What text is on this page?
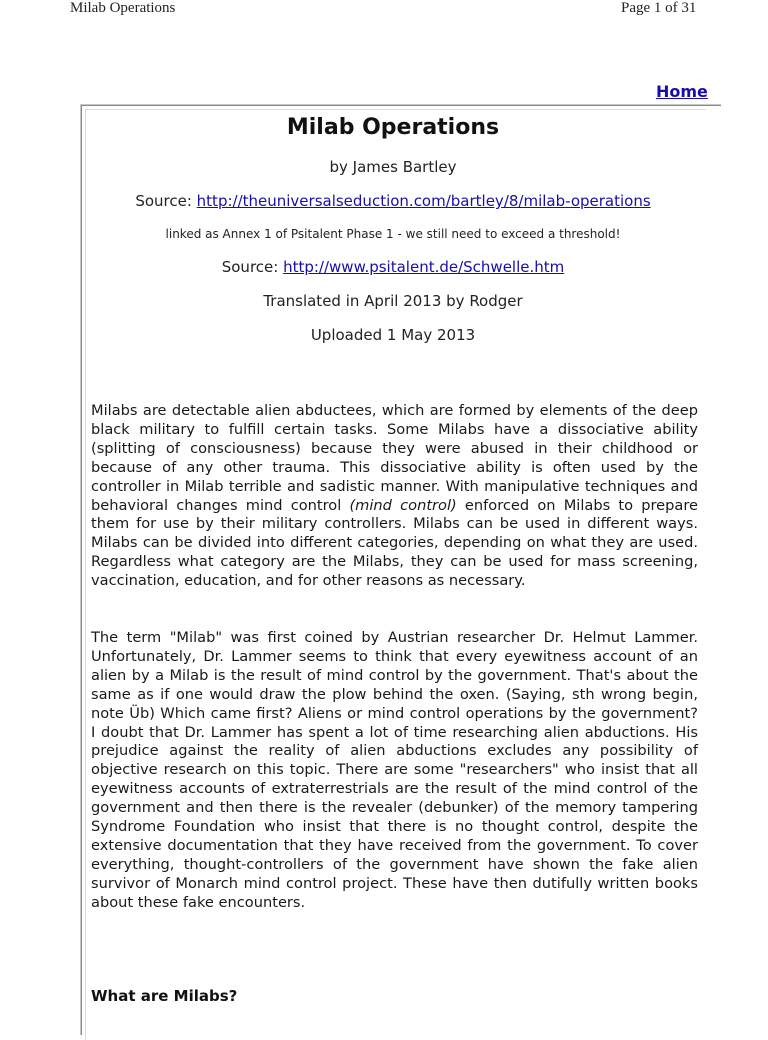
Milab Operations	Page 1 of 31
Home
Milab Operations
by James Bartley
Source: http://theuniversalseduction.com/bartley/8/milab-operations
linked as Annex 1 of Psitalent Phase 1 - we still need to exceed a threshold!
Source: http://www.psitalent.de/Schwelle.htm
Translated in April 2013 by Rodger
Uploaded 1 May 2013

Milabs are detectable alien abductees, which are formed by elements of the deep black military to fulfill certain tasks. Some Milabs have a dissociative ability (splitting of consciousness) because they were abused in their childhood or because of any other trauma. This dissociative ability is often used by the controller in Milab terrible and sadistic manner. With manipulative techniques and behavioral changes mind control (mind control) enforced on Milabs to prepare them for use by their military controllers. Milabs can be used in different ways. Milabs can be divided into different categories, depending on what they are used. Regardless what category are the Milabs, they can be used for mass screening, vaccination, education, and for other reasons as necessary.

The term "Milab" was first coined by Austrian researcher Dr. Helmut Lammer. Unfortunately, Dr. Lammer seems to think that every eyewitness account of an alien by a Milab is the result of mind control by the government. That's about the same as if one would draw the plow behind the oxen. (Saying, sth wrong begin, note Üb) Which came first? Aliens or mind control operations by the government? I doubt that Dr. Lammer has spent a lot of time researching alien abductions. His prejudice against the reality of alien abductions excludes any possibility of objective research on this topic. There are some "researchers" who insist that all eyewitness accounts of extraterrestrials are the result of the mind control of the government and then there is the revealer (debunker) of the memory tampering Syndrome Foundation who insist that there is no thought control, despite the extensive documentation that they have received from the government. To cover everything, thought-controllers of the government have shown the fake alien survivor of Monarch mind control project. These have then dutifully written books about these fake encounters.

What are Milabs?
